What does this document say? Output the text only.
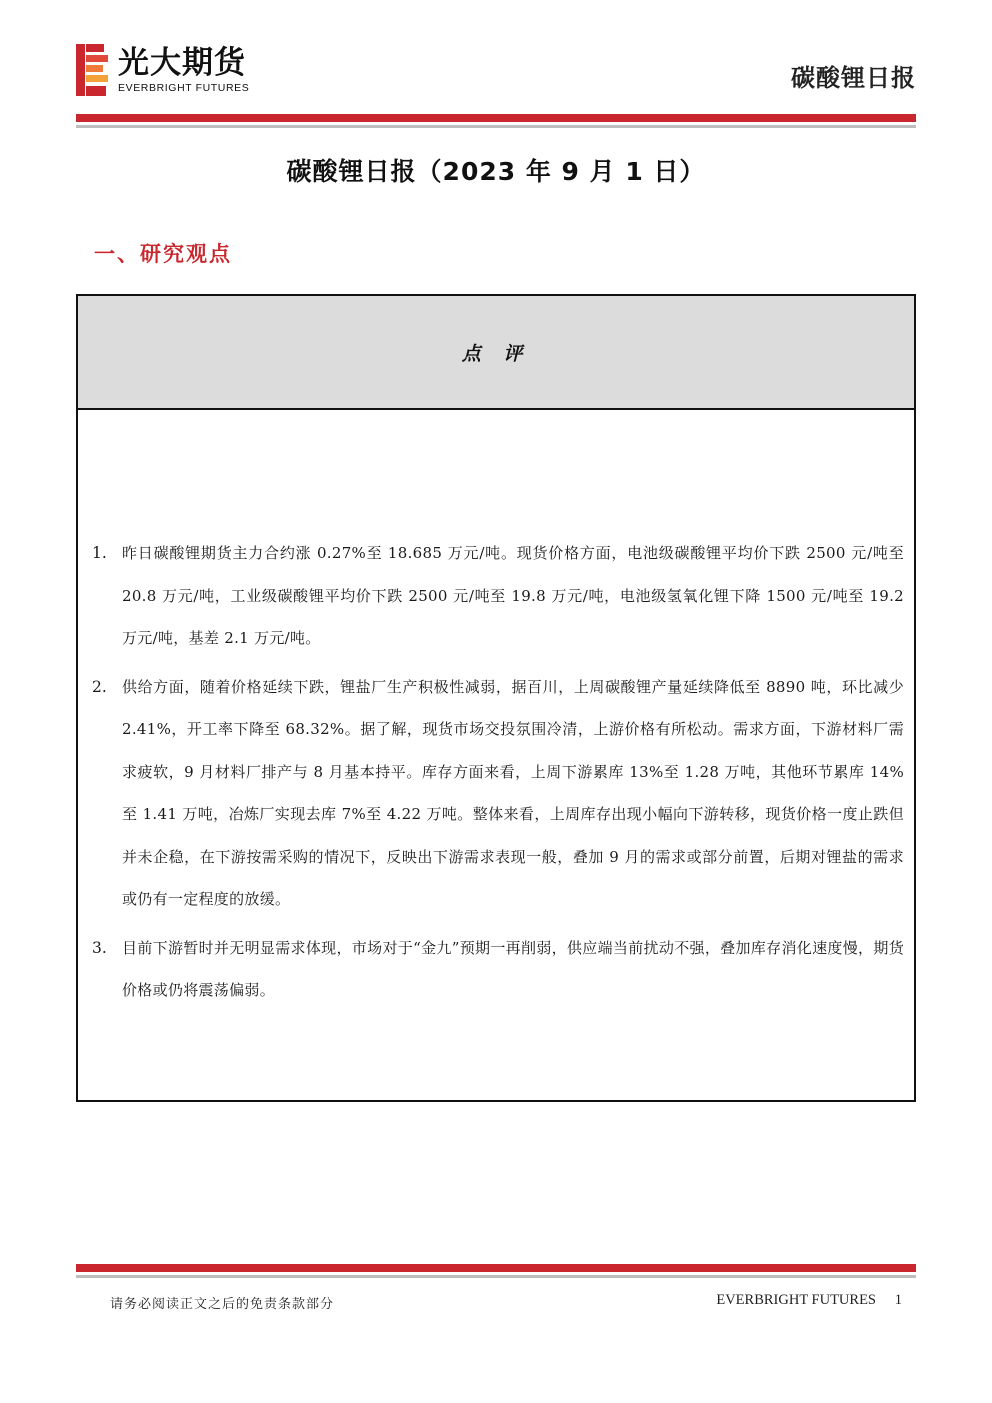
光大期货
EVERBRIGHT FUTURES	碳酸锂日报
碳酸锂日报（2023 年 9 月 1 日）
一、研究观点
点 评
1.	昨日碳酸锂期货主力合约涨 0.27%至 18.685 万元/吨。现货价格方面，电池级碳酸锂平均价下跌 2500 元/吨至 20.8 万元/吨，工业级碳酸锂平均价下跌 2500 元/吨至 19.8 万元/吨，电池级氢氧化锂下降 1500 元/吨至 19.2 万元/吨，基差 2.1 万元/吨。
2.	供给方面，随着价格延续下跌，锂盐厂生产积极性减弱，据百川，上周碳酸锂产量延续降低至 8890 吨，环比减少 2.41%，开工率下降至 68.32%。据了解，现货市场交投氛围冷清，上游价格有所松动。需求方面，下游材料厂需求疲软，9 月材料厂排产与 8 月基本持平。库存方面来看，上周下游累库 13%至 1.28 万吨，其他环节累库 14%至 1.41 万吨，冶炼厂实现去库 7%至 4.22 万吨。整体来看，上周库存出现小幅向下游转移，现货价格一度止跌但并未企稳，在下游按需采购的情况下，反映出下游需求表现一般，叠加 9 月的需求或部分前置，后期对锂盐的需求或仍有一定程度的放缓。
3.	目前下游暂时并无明显需求体现，市场对于“金九”预期一再削弱，供应端当前扰动不强，叠加库存消化速度慢，期货价格或仍将震荡偏弱。
请务必阅读正文之后的免责条款部分	EVERBRIGHT FUTURES 1
